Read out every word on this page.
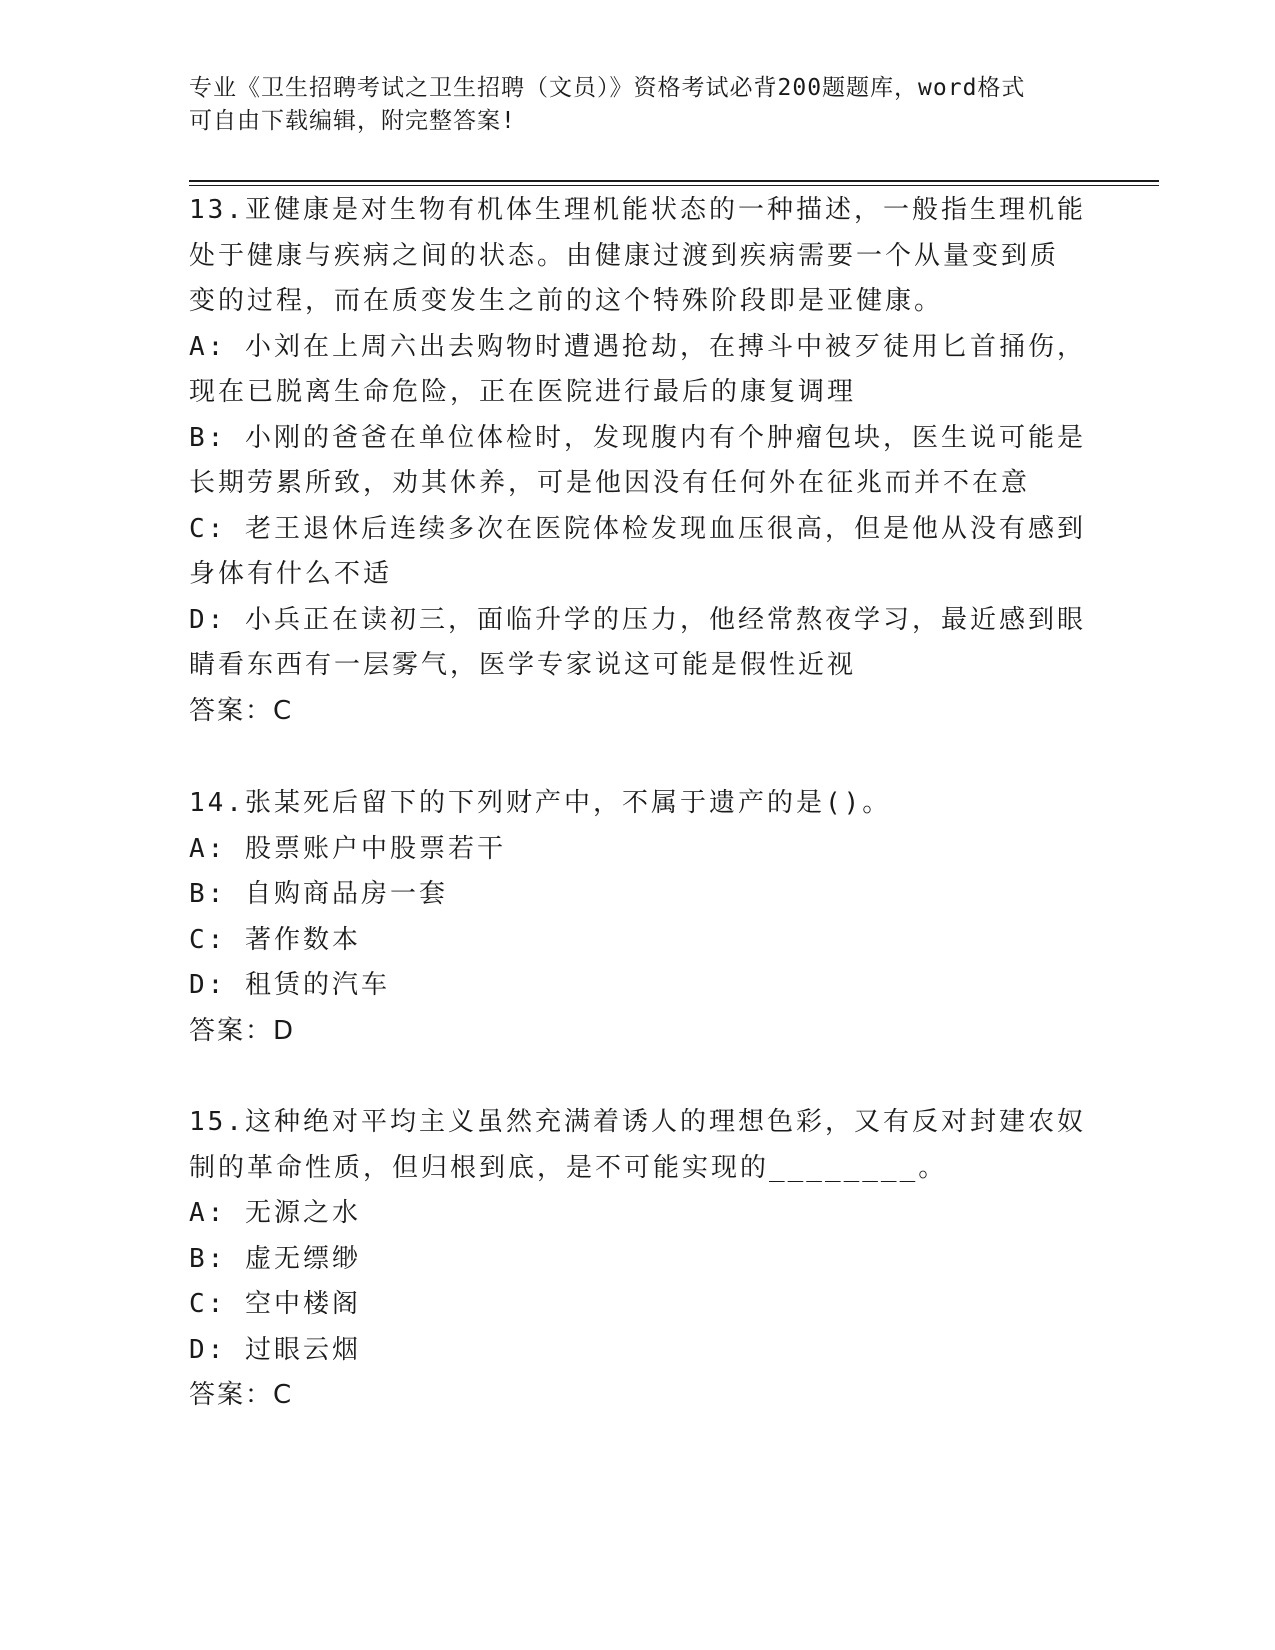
专业《卫生招聘考试之卫生招聘（文员）》资格考试必背200题题库，word格式
可自由下载编辑，附完整答案!
13.亚健康是对生物有机体生理机能状态的一种描述，一般指生理机能
处于健康与疾病之间的状态。由健康过渡到疾病需要一个从量变到质
变的过程，而在质变发生之前的这个特殊阶段即是亚健康。
A: 小刘在上周六出去购物时遭遇抢劫，在搏斗中被歹徒用匕首捅伤，
现在已脱离生命危险，正在医院进行最后的康复调理
B: 小刚的爸爸在单位体检时，发现腹内有个肿瘤包块，医生说可能是
长期劳累所致，劝其休养，可是他因没有任何外在征兆而并不在意
C: 老王退休后连续多次在医院体检发现血压很高，但是他从没有感到
身体有什么不适
D: 小兵正在读初三，面临升学的压力，他经常熬夜学习，最近感到眼
睛看东西有一层雾气，医学专家说这可能是假性近视
答案：C
14.张某死后留下的下列财产中，不属于遗产的是()。
A: 股票账户中股票若干
B: 自购商品房一套
C: 著作数本
D: 租赁的汽车
答案：D
15.这种绝对平均主义虽然充满着诱人的理想色彩，又有反对封建农奴
制的革命性质，但归根到底，是不可能实现的________。
A: 无源之水
B: 虚无缥缈
C: 空中楼阁
D: 过眼云烟
答案：C
